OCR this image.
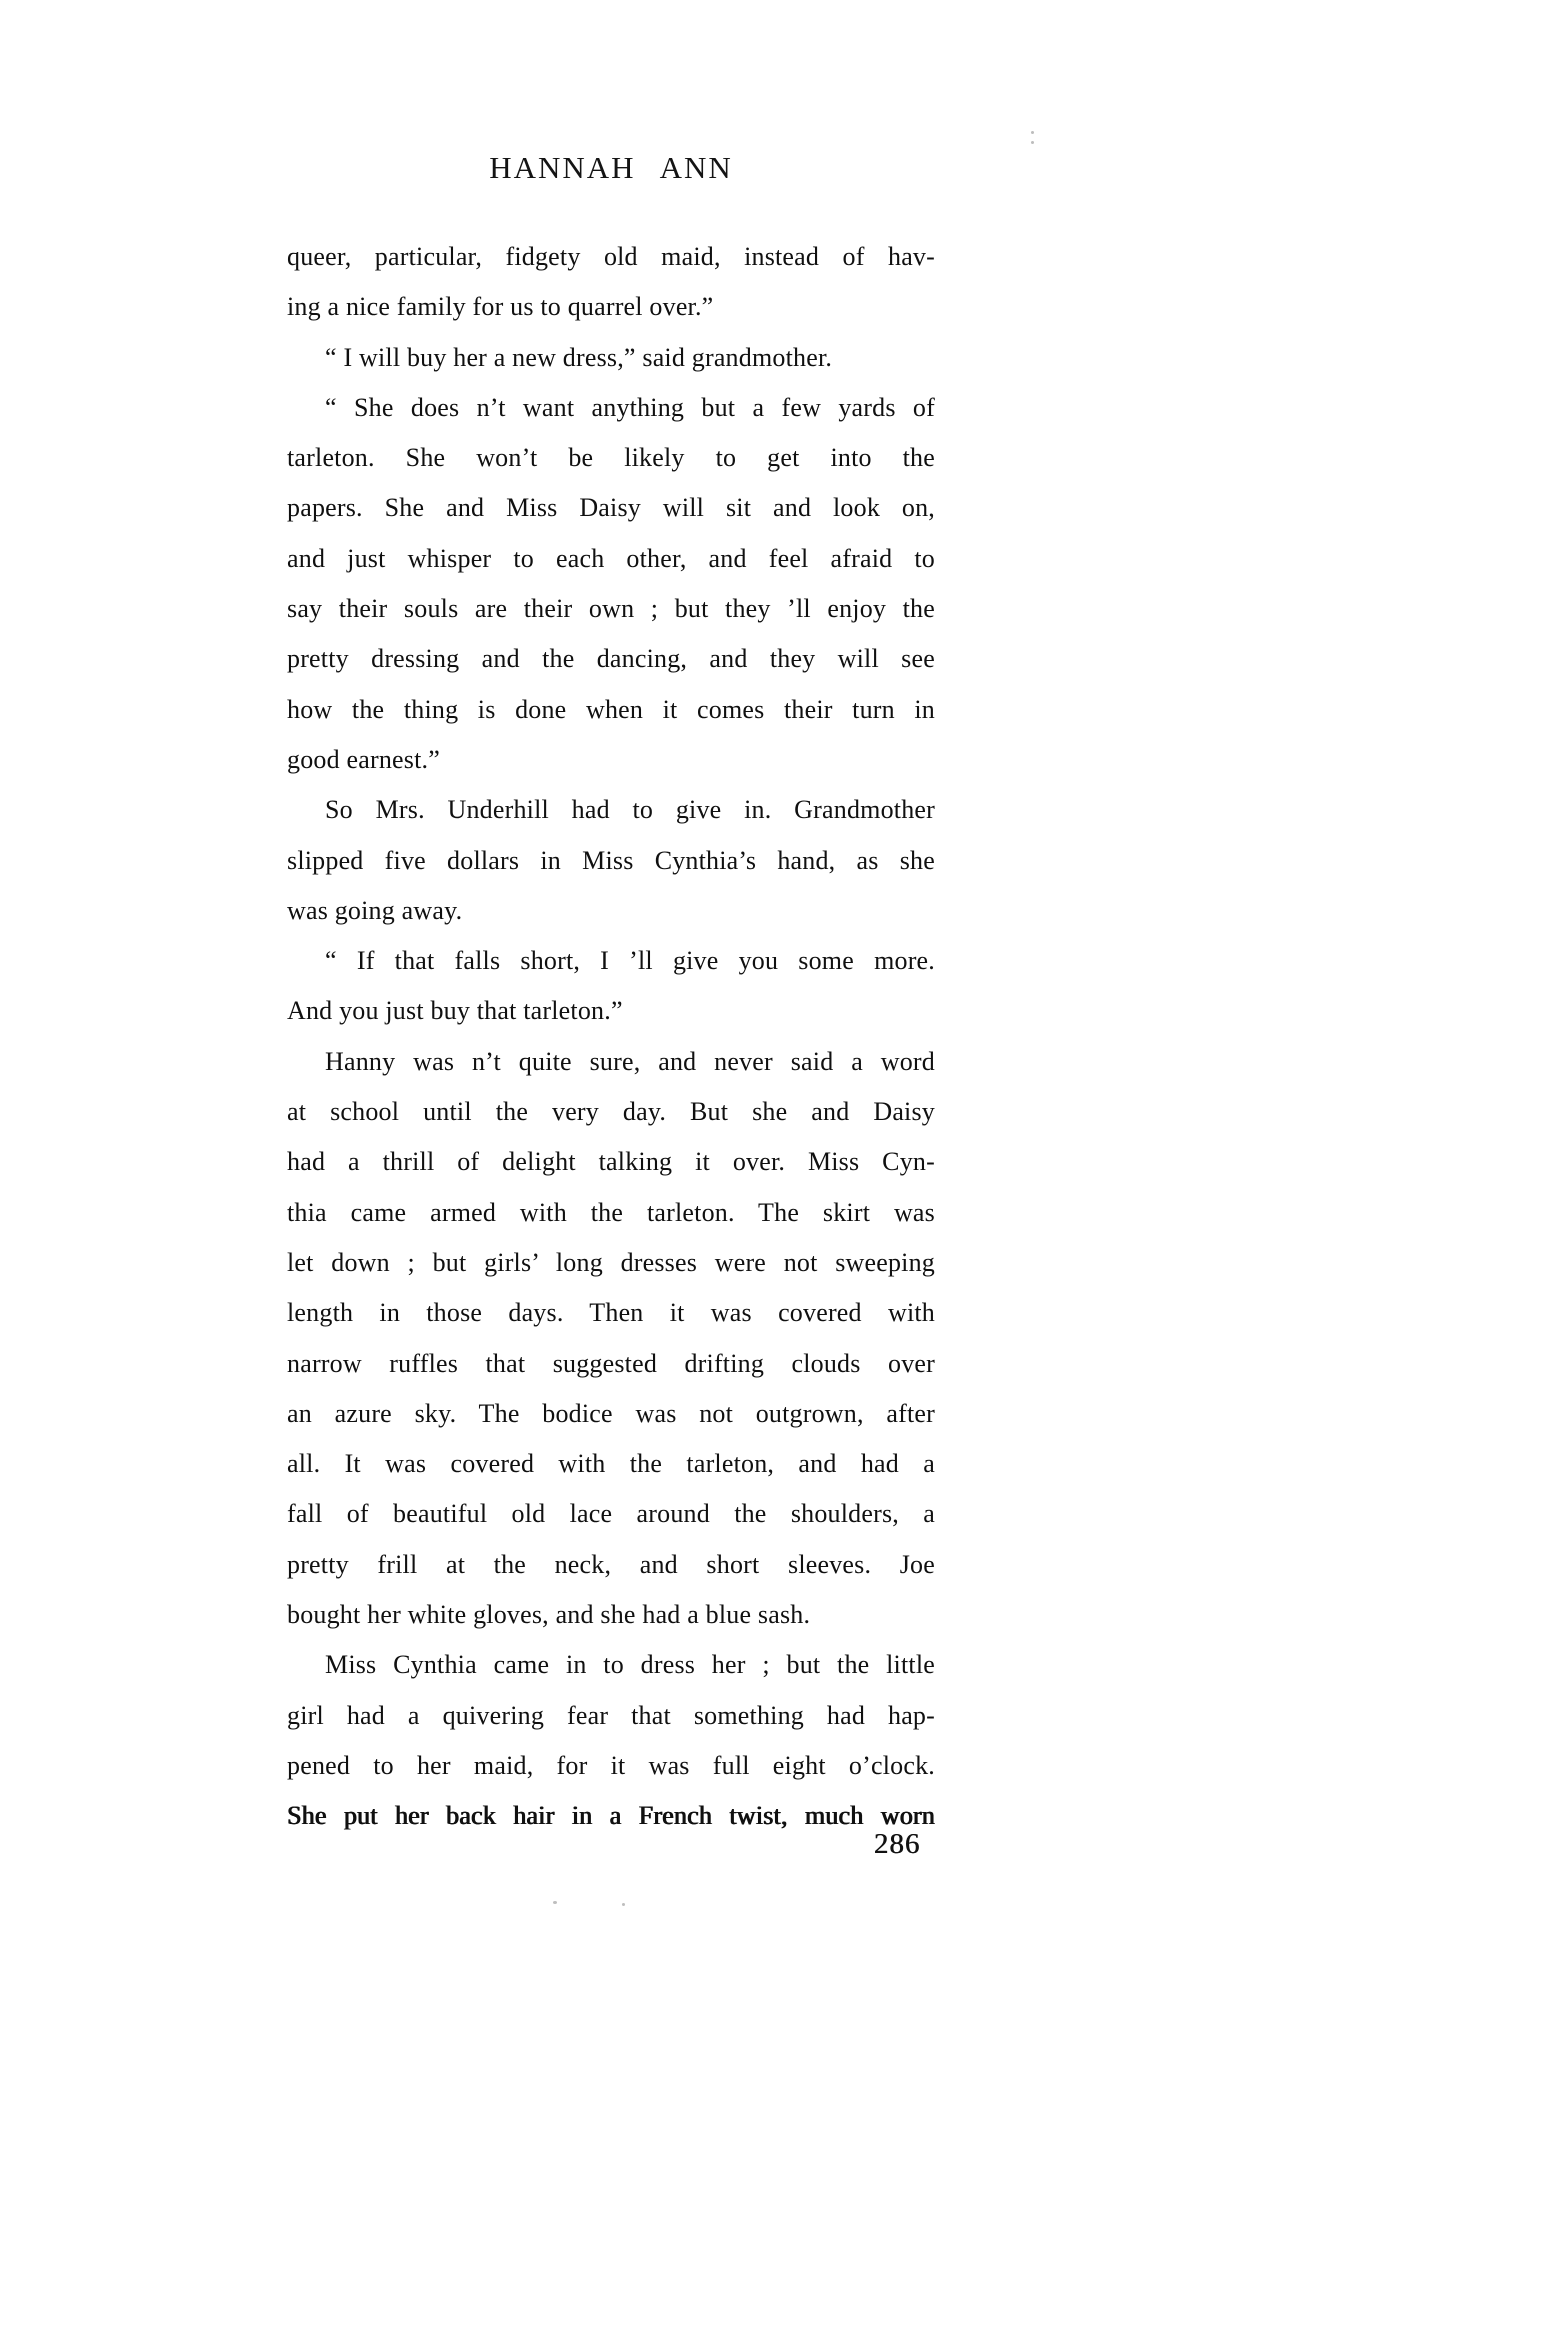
HANNAH ANN
queer, particular, fidgety old maid, instead of hav-
ing a nice family for us to quarrel over.”
“ I will buy her a new dress,” said grandmother.
“ She does n’t want anything but a few yards of
tarleton. She won’t be likely to get into the
papers. She and Miss Daisy will sit and look on,
and just whisper to each other, and feel afraid to
say their souls are their own ; but they ’ll enjoy the
pretty dressing and the dancing, and they will see
how the thing is done when it comes their turn in
good earnest.”
So Mrs. Underhill had to give in. Grandmother
slipped five dollars in Miss Cynthia’s hand, as she
was going away.
“ If that falls short, I ’ll give you some more.
And you just buy that tarleton.”
Hanny was n’t quite sure, and never said a word
at school until the very day. But she and Daisy
had a thrill of delight talking it over. Miss Cyn-
thia came armed with the tarleton. The skirt was
let down ; but girls’ long dresses were not sweeping
length in those days. Then it was covered with
narrow ruffles that suggested drifting clouds over
an azure sky. The bodice was not outgrown, after
all. It was covered with the tarleton, and had a
fall of beautiful old lace around the shoulders, a
pretty frill at the neck, and short sleeves. Joe
bought her white gloves, and she had a blue sash.
Miss Cynthia came in to dress her ; but the little
girl had a quivering fear that something had hap-
pened to her maid, for it was full eight o’clock.
She put her back hair in a French twist, much worn
286
